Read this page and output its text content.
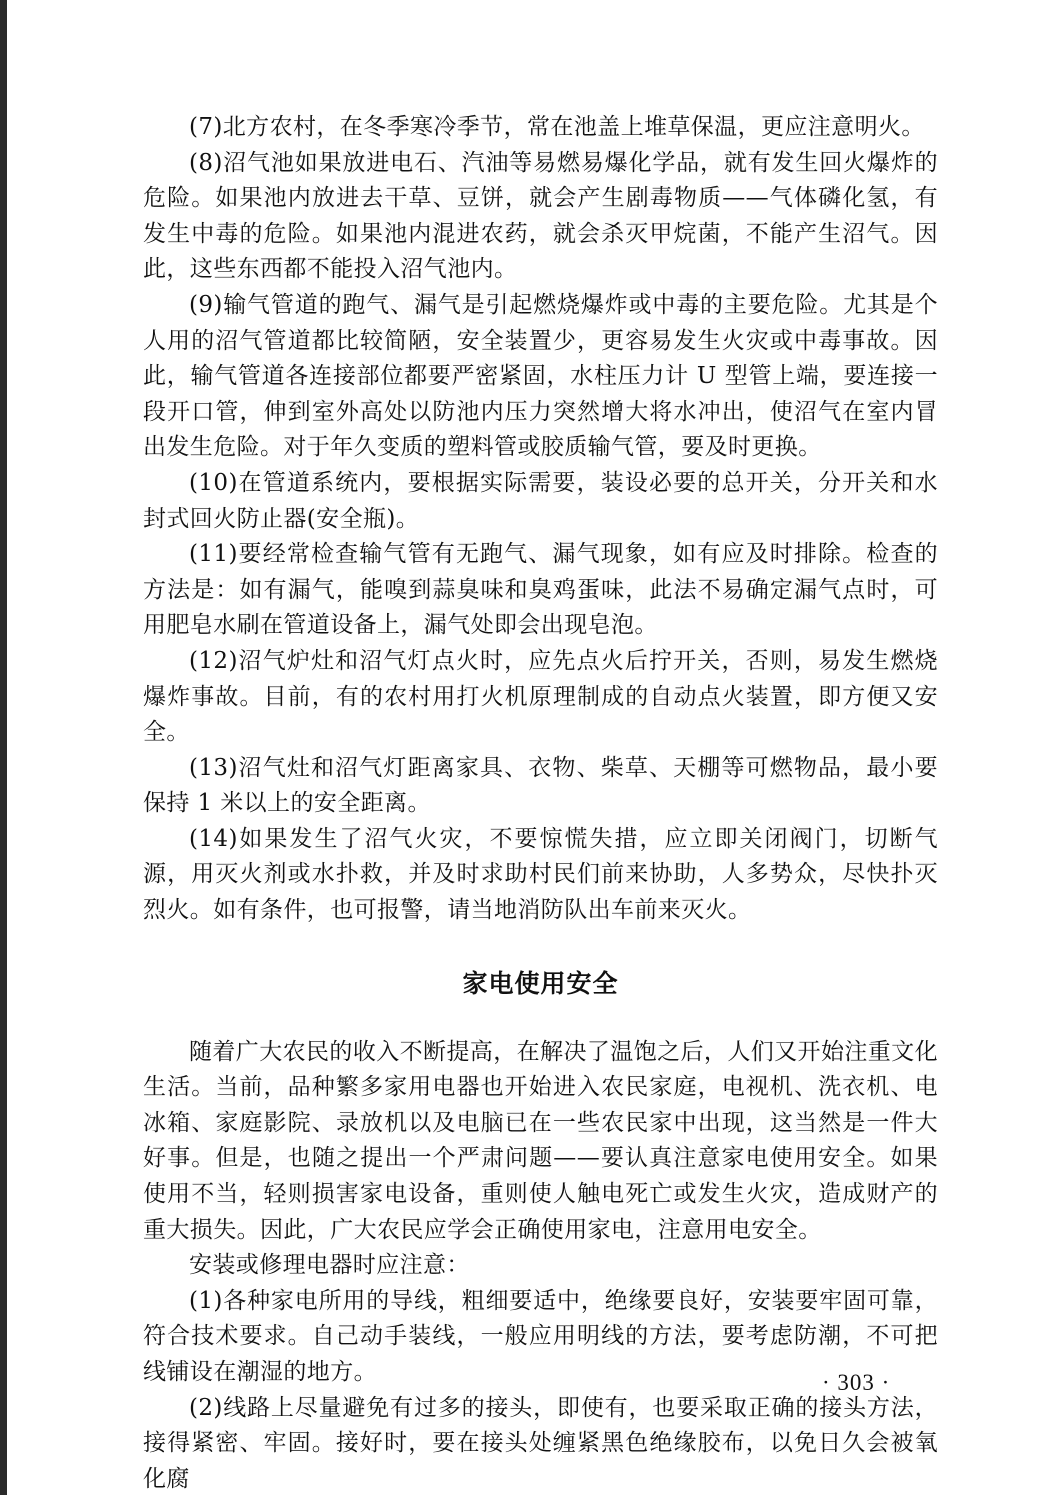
(7)北方农村，在冬季寒冷季节，常在池盖上堆草保温，更应注意明火。

(8)沼气池如果放进电石、汽油等易燃易爆化学品，就有发生回火爆炸的危险。如果池内放进去干草、豆饼，就会产生剧毒物质——气体磷化氢，有发生中毒的危险。如果池内混进农药，就会杀灭甲烷菌，不能产生沼气。因此，这些东西都不能投入沼气池内。

(9)输气管道的跑气、漏气是引起燃烧爆炸或中毒的主要危险。尤其是个人用的沼气管道都比较简陋，安全装置少，更容易发生火灾或中毒事故。因此，输气管道各连接部位都要严密紧固，水柱压力计 U 型管上端，要连接一段开口管，伸到室外高处以防池内压力突然增大将水冲出，使沼气在室内冒出发生危险。对于年久变质的塑料管或胶质输气管，要及时更换。

(10)在管道系统内，要根据实际需要，装设必要的总开关，分开关和水封式回火防止器(安全瓶)。

(11)要经常检查输气管有无跑气、漏气现象，如有应及时排除。检查的方法是：如有漏气，能嗅到蒜臭味和臭鸡蛋味，此法不易确定漏气点时，可用肥皂水刷在管道设备上，漏气处即会出现皂泡。

(12)沼气炉灶和沼气灯点火时，应先点火后拧开关，否则，易发生燃烧爆炸事故。目前，有的农村用打火机原理制成的自动点火装置，即方便又安全。

(13)沼气灶和沼气灯距离家具、衣物、柴草、天棚等可燃物品，最小要保持 1 米以上的安全距离。

(14)如果发生了沼气火灾，不要惊慌失措，应立即关闭阀门，切断气源，用灭火剂或水扑救，并及时求助村民们前来协助，人多势众，尽快扑灭烈火。如有条件，也可报警，请当地消防队出车前来灭火。

家电使用安全

随着广大农民的收入不断提高，在解决了温饱之后，人们又开始注重文化生活。当前，品种繁多家用电器也开始进入农民家庭，电视机、洗衣机、电冰箱、家庭影院、录放机以及电脑已在一些农民家中出现，这当然是一件大好事。但是，也随之提出一个严肃问题——要认真注意家电使用安全。如果使用不当，轻则损害家电设备，重则使人触电死亡或发生火灾，造成财产的重大损失。因此，广大农民应学会正确使用家电，注意用电安全。

安装或修理电器时应注意：

(1)各种家电所用的导线，粗细要适中，绝缘要良好，安装要牢固可靠，符合技术要求。自己动手装线，一般应用明线的方法，要考虑防潮，不可把线铺设在潮湿的地方。

(2)线路上尽量避免有过多的接头，即使有，也要采取正确的接头方法，接得紧密、牢固。接好时，要在接头处缠紧黑色绝缘胶布，以免日久会被氧化腐

· 303 ·
